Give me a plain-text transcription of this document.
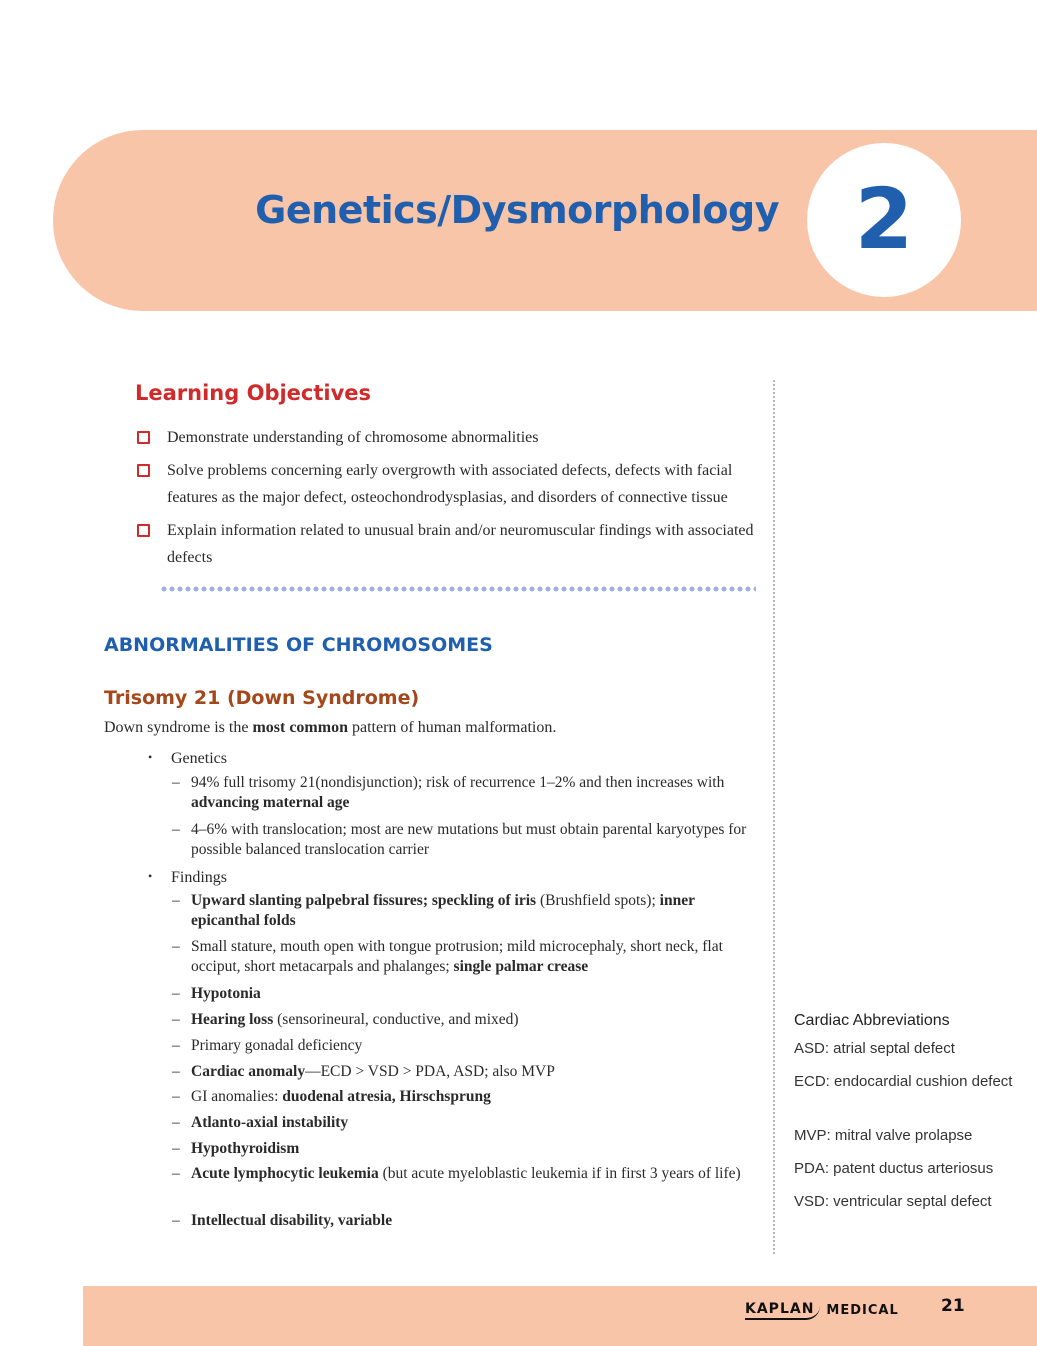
Genetics/Dysmorphology 2
Learning Objectives
Demonstrate understanding of chromosome abnormalities
Solve problems concerning early overgrowth with associated defects, defects with facial features as the major defect, osteochondrodysplasias, and disorders of connective tissue
Explain information related to unusual brain and/or neuromuscular findings with associated defects
ABNORMALITIES OF CHROMOSOMES
Trisomy 21 (Down Syndrome)
Down syndrome is the most common pattern of human malformation.
• Genetics
– 94% full trisomy 21(nondisjunction); risk of recurrence 1–2% and then increases with advancing maternal age
– 4–6% with translocation; most are new mutations but must obtain parental karyotypes for possible balanced translocation carrier
• Findings
– Upward slanting palpebral fissures; speckling of iris (Brushfield spots); inner epicanthal folds
– Small stature, mouth open with tongue protrusion; mild microcephaly, short neck, flat occiput, short metacarpals and phalanges; single palmar crease
– Hypotonia
– Hearing loss (sensorineural, conductive, and mixed)
– Primary gonadal deficiency
– Cardiac anomaly—ECD > VSD > PDA, ASD; also MVP
– GI anomalies: duodenal atresia, Hirschsprung
– Atlanto-axial instability
– Hypothyroidism
– Acute lymphocytic leukemia (but acute myeloblastic leukemia if in first 3 years of life)
– Intellectual disability, variable
Cardiac Abbreviations
ASD: atrial septal defect
ECD: endocardial cushion defect
MVP: mitral valve prolapse
PDA: patent ductus arteriosus
VSD: ventricular septal defect
KAPLAN MEDICAL 21
